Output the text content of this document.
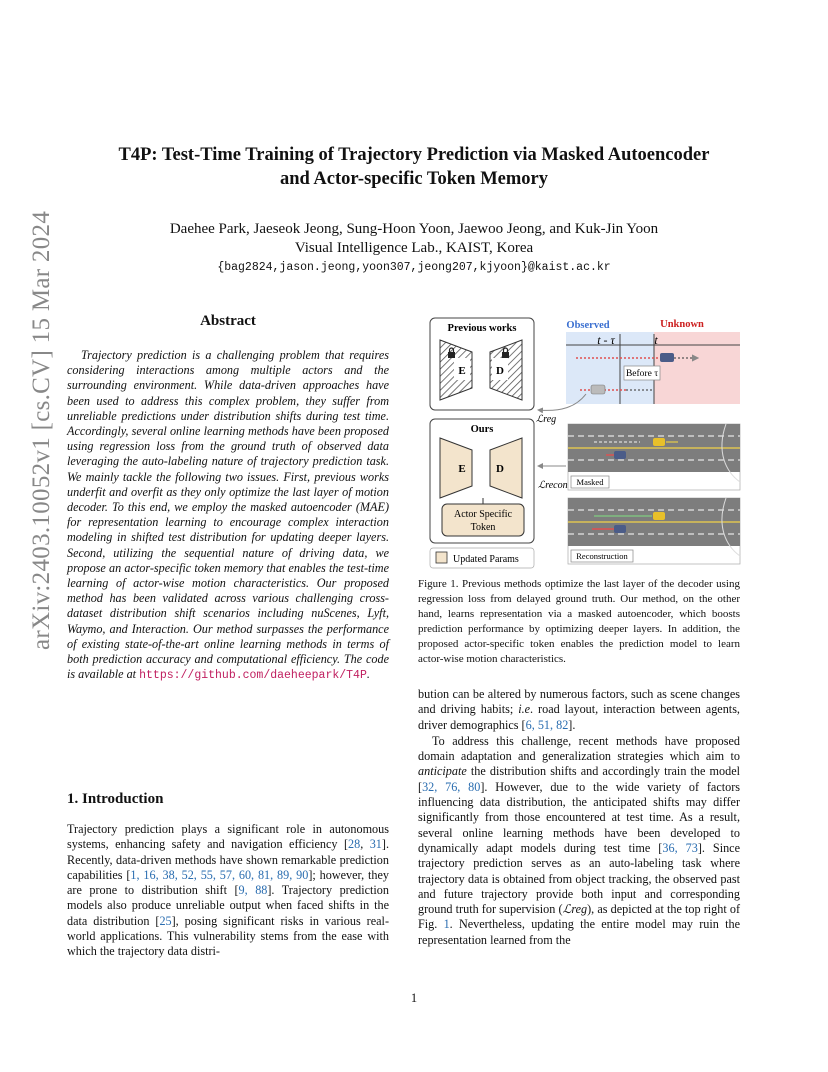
arXiv:2403.10052v1 [cs.CV] 15 Mar 2024
T4P: Test-Time Training of Trajectory Prediction via Masked Autoencoder
and Actor-specific Token Memory
Daehee Park, Jaeseok Jeong, Sung-Hoon Yoon, Jaewoo Jeong, and Kuk-Jin Yoon
Visual Intelligence Lab., KAIST, Korea
{bag2824,jason.jeong,yoon307,jeong207,kjyoon}@kaist.ac.kr
Abstract
Trajectory prediction is a challenging problem that requires considering interactions among multiple actors and the surrounding environment. While data-driven approaches have been used to address this complex problem, they suffer from unreliable predictions under distribution shifts during test time. Accordingly, several online learning methods have been proposed using regression loss from the ground truth of observed data leveraging the auto-labeling nature of trajectory prediction task. We mainly tackle the following two issues. First, previous works underfit and overfit as they only optimize the last layer of motion decoder. To this end, we employ the masked autoencoder (MAE) for representation learning to encourage complex interaction modeling in shifted test distribution for updating deeper layers. Second, utilizing the sequential nature of driving data, we propose an actor-specific token memory that enables the test-time learning of actor-wise motion characteristics. Our proposed method has been validated across various challenging cross-dataset distribution shift scenarios including nuScenes, Lyft, Waymo, and Interaction. Our method surpasses the performance of existing state-of-the-art online learning methods in terms of both prediction accuracy and computational efficiency. The code is available at https://github.com/daeheepark/T4P.
1. Introduction
Trajectory prediction plays a significant role in autonomous systems, enhancing safety and navigation efficiency [28, 31]. Recently, data-driven methods have shown remarkable prediction capabilities [1, 16, 38, 52, 55, 57, 60, 81, 89, 90]; however, they are prone to distribution shift [9, 88]. Trajectory prediction models also produce unreliable output when faced shifts in the data distribution [25], posing significant risks in various real-world applications. This vulnerability stems from the ease with which the trajectory data distri-
Previous works
E	D
Observed	Unknown
t - τ	t
Before τ
ℒreg
Ours
E	D
Actor Specific
Token
ℒrecon Masked
Reconstruction
Updated Params
Figure 1. Previous methods optimize the last layer of the decoder using regression loss from delayed ground truth. Our method, on the other hand, learns representation via a masked autoencoder, which boosts prediction performance by optimizing deeper layers. In addition, the proposed actor-specific token enables the prediction model to learn actor-wise motion characteristics.

bution can be altered by numerous factors, such as scene changes and driving habits; i.e. road layout, interaction between agents, driver demographics [6, 51, 82].

To address this challenge, recent methods have proposed domain adaptation and generalization strategies which aim to anticipate the distribution shifts and accordingly train the model [32, 76, 80]. However, due to the wide variety of factors influencing data distribution, the anticipated shifts may differ significantly from those encountered at test time. As a result, several online learning methods have been developed to dynamically adapt models during test time [36, 73]. Since trajectory prediction serves as an auto-labeling task where trajectory data is obtained from object tracking, the observed past and future trajectory provide both input and corresponding ground truth for supervision (ℒreg), as depicted at the top right of Fig. 1. Nevertheless, updating the entire model may ruin the representation learned from the

1
